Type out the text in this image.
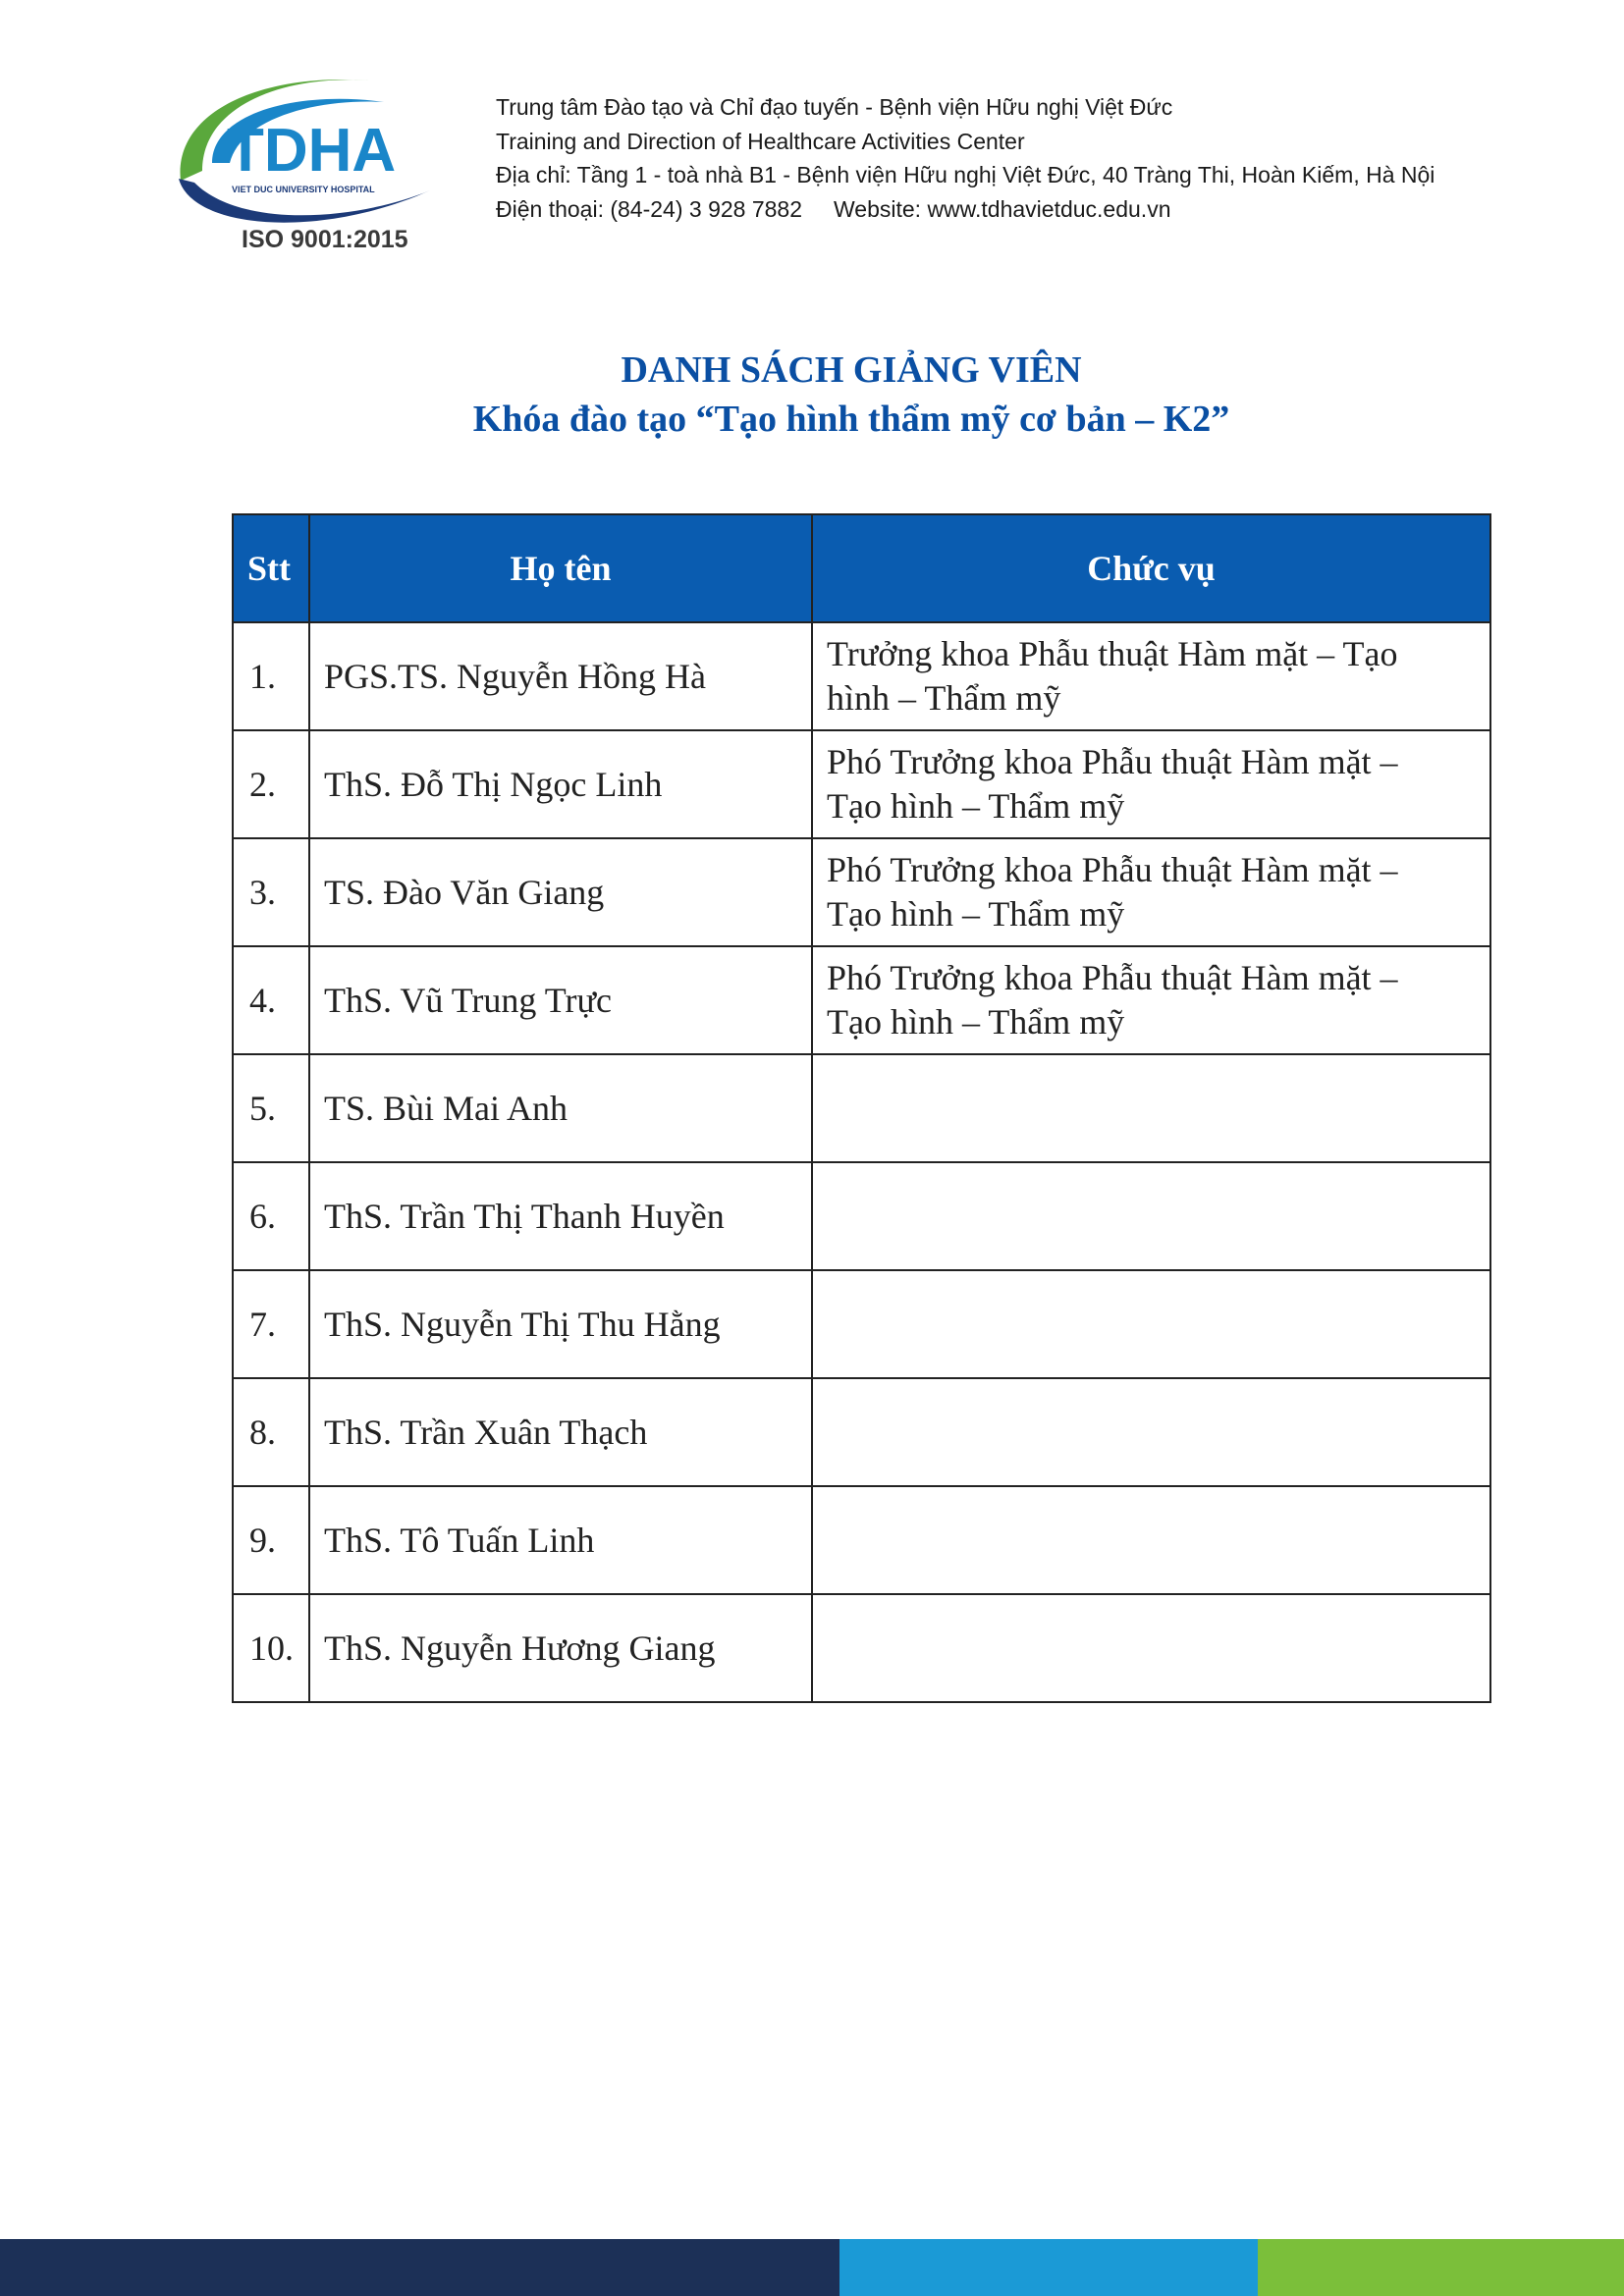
TDHA
VIET DUC UNIVERSITY HOSPITAL
ISO 9001:2015
Trung tâm Đào tạo và Chỉ đạo tuyến - Bệnh viện Hữu nghị Việt Đức
Training and Direction of Healthcare Activities Center
Địa chỉ: Tầng 1 - toà nhà B1 - Bệnh viện Hữu nghị Việt Đức, 40 Tràng Thi, Hoàn Kiếm, Hà Nội
Điện thoại: (84-24) 3 928 7882 Website: www.tdhavietduc.edu.vn
DANH SÁCH GIẢNG VIÊN
Khóa đào tạo “Tạo hình thẩm mỹ cơ bản – K2”
Stt	Họ tên	Chức vụ
1.	PGS.TS. Nguyễn Hồng Hà	Trưởng khoa Phẫu thuật Hàm mặt – Tạo
hình – Thẩm mỹ

2.	ThS. Đỗ Thị Ngọc Linh	Phó Trưởng khoa Phẫu thuật Hàm mặt –
Tạo hình – Thẩm mỹ

3.	TS. Đào Văn Giang	Phó Trưởng khoa Phẫu thuật Hàm mặt –
Tạo hình – Thẩm mỹ

4.	ThS. Vũ Trung Trực	Phó Trưởng khoa Phẫu thuật Hàm mặt –
Tạo hình – Thẩm mỹ

5.	TS. Bùi Mai Anh	

6.	ThS. Trần Thị Thanh Huyền	

7.	ThS. Nguyễn Thị Thu Hằng	

8.	ThS. Trần Xuân Thạch	

9.	ThS. Tô Tuấn Linh	

10.	ThS. Nguyễn Hương Giang	
